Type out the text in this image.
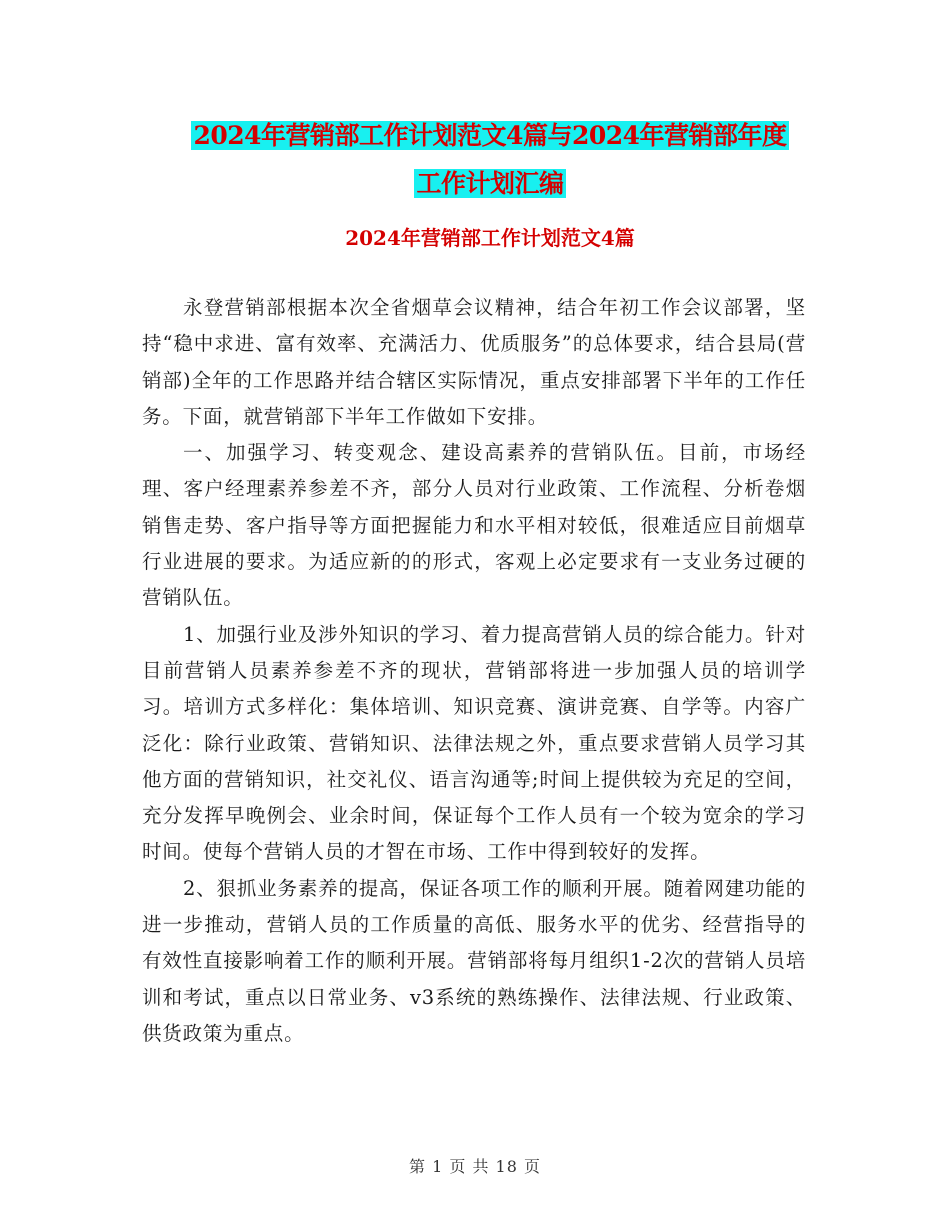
2024年营销部工作计划范文4篇与2024年营销部年度
工作计划汇编
2024年营销部工作计划范文4篇

永登营销部根据本次全省烟草会议精神，结合年初工作会议部署，坚持“稳中求进、富有效率、充满活力、优质服务”的总体要求，结合县局(营销部)全年的工作思路并结合辖区实际情况，重点安排部署下半年的工作任务。下面，就营销部下半年工作做如下安排。

一、加强学习、转变观念、建设高素养的营销队伍。目前，市场经理、客户经理素养参差不齐，部分人员对行业政策、工作流程、分析卷烟销售走势、客户指导等方面把握能力和水平相对较低，很难适应目前烟草行业进展的要求。为适应新的的形式，客观上必定要求有一支业务过硬的营销队伍。

1、加强行业及涉外知识的学习、着力提高营销人员的综合能力。针对目前营销人员素养参差不齐的现状，营销部将进一步加强人员的培训学习。培训方式多样化：集体培训、知识竞赛、演讲竞赛、自学等。内容广泛化：除行业政策、营销知识、法律法规之外，重点要求营销人员学习其他方面的营销知识，社交礼仪、语言沟通等;时间上提供较为充足的空间，充分发挥早晚例会、业余时间，保证每个工作人员有一个较为宽余的学习时间。使每个营销人员的才智在市场、工作中得到较好的发挥。

2、狠抓业务素养的提高，保证各项工作的顺利开展。随着网建功能的进一步推动，营销人员的工作质量的高低、服务水平的优劣、经营指导的有效性直接影响着工作的顺利开展。营销部将每月组织1-2次的营销人员培训和考试，重点以日常业务、v3系统的熟练操作、法律法规、行业政策、供货政策为重点。

第 1 页 共 18 页
